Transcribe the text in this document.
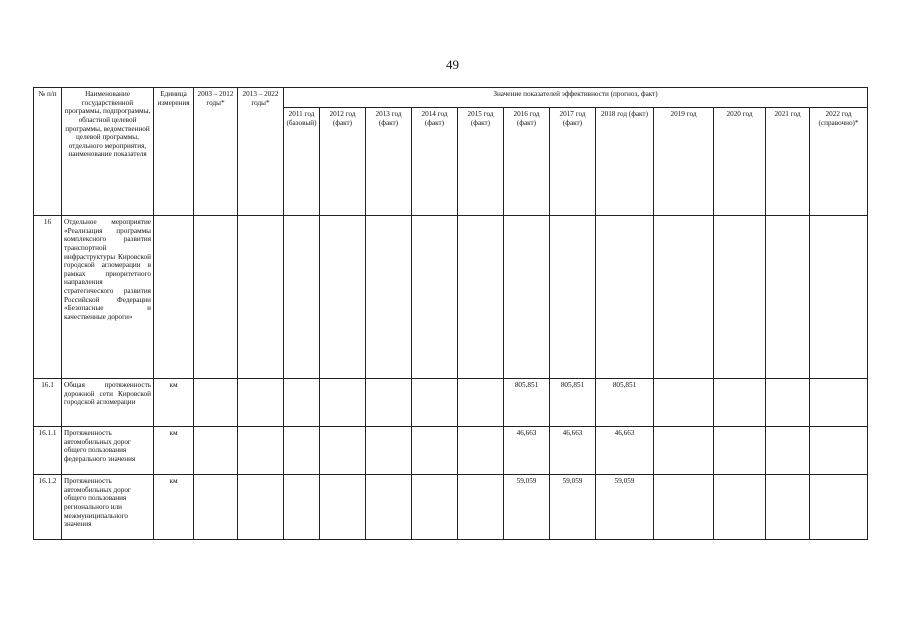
49
№ п/п	Наименование государственной программы, подпрограммы, областной целевой программы, ведомственной целевой программы, отдельного мероприятия, наименование показателя	Единица измерения	2003 – 2012 годы*	2013 – 2022 годы*	Значение показателей эффективности (прогноз, факт)											
					2011 год (базовый)	2012 год (факт)	2013 год (факт)	2014 год (факт)	2015 год (факт)	2016 год (факт)	2017 год (факт)	2018 год (факт)	2019 год	2020 год	2021 год	2022 год (справочно)*
16	Отдельное мероприятие «Реализация программы комплексного развития транспортной инфраструктуры Кировской городской агломерации в рамках приоритетного направления стратегического развития Российской Федерации «Безопасные и качественные дороги»															
16.1	Общая протяженность дорожной сети Кировской городской агломерации	км								805,851	805,851	805,851				
16.1.1	Протяженность автомобильных дорог общего пользования федерального значения	км								46,663	46,663	46,663				
16.1.2	Протяженность автомобильных дорог общего пользования регионального или межмуниципального значения	км								59,059	59,059	59,059				
